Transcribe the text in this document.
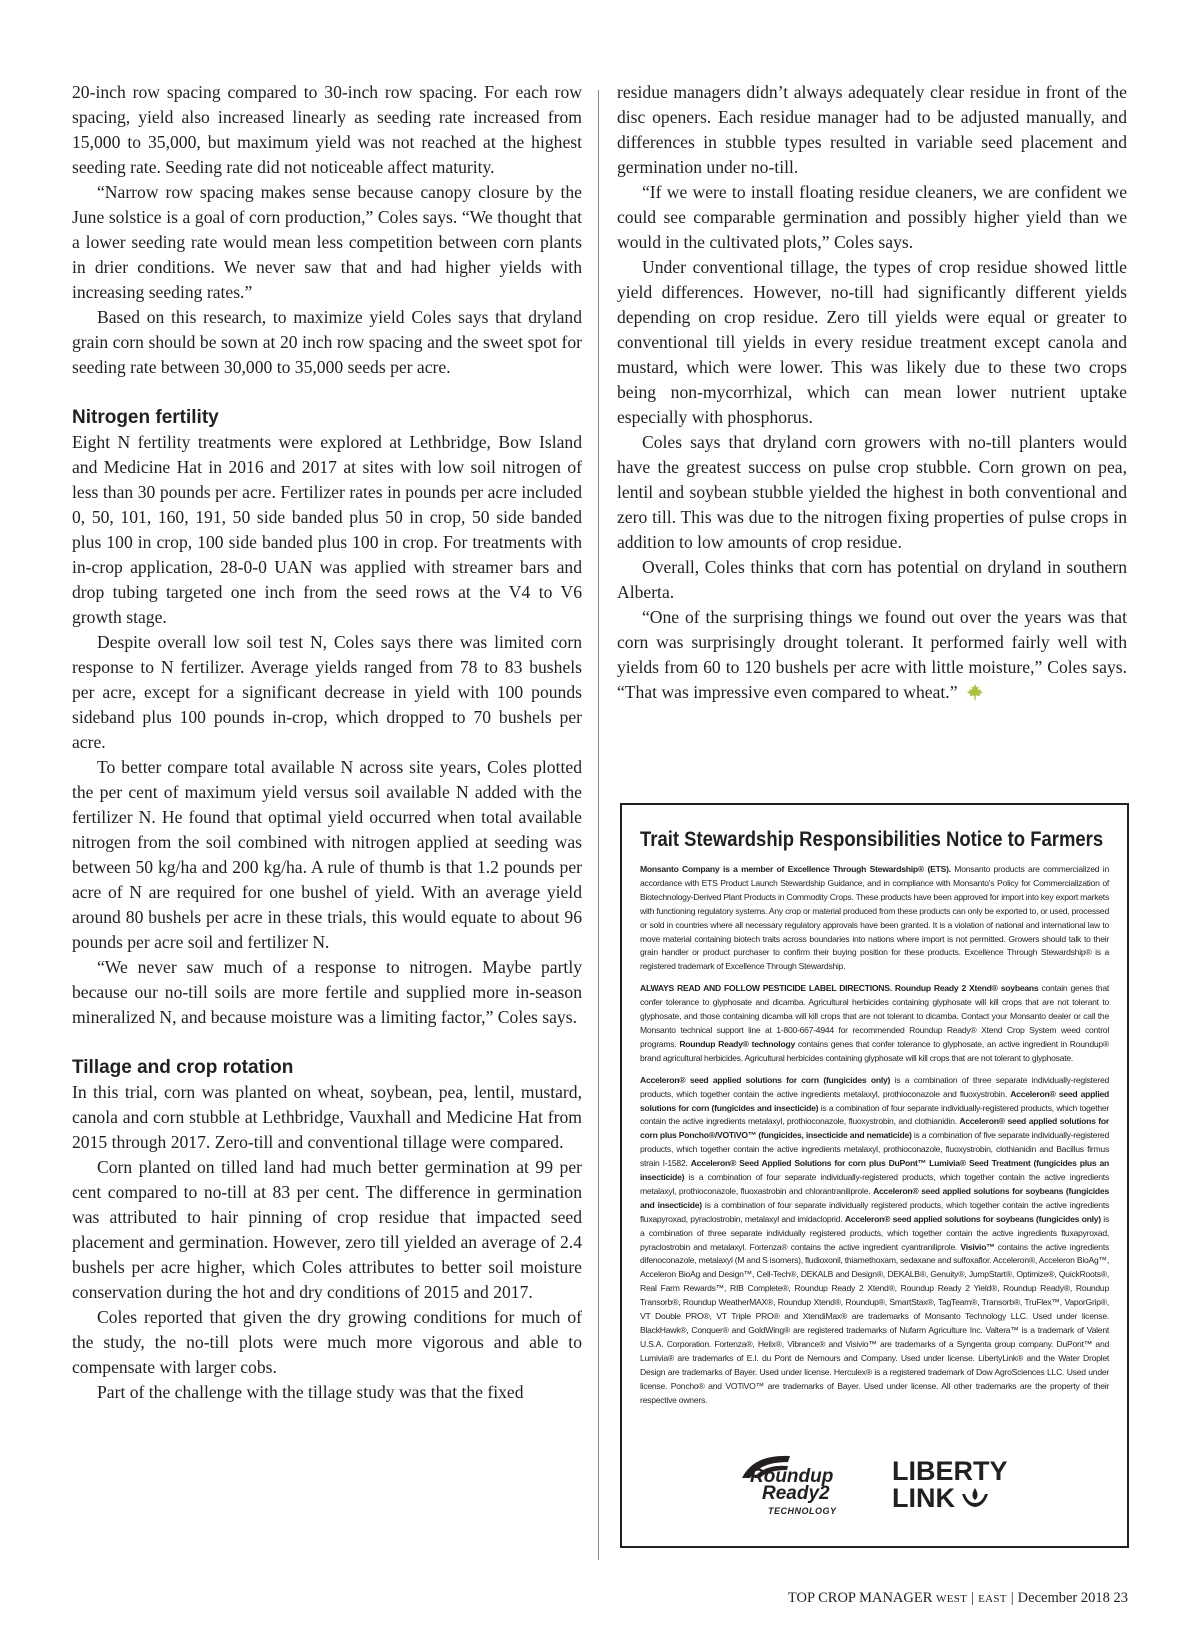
20-inch row spacing compared to 30-inch row spacing. For each row spacing, yield also increased linearly as seeding rate increased from 15,000 to 35,000, but maximum yield was not reached at the highest seeding rate. Seeding rate did not noticeable affect maturity.

“Narrow row spacing makes sense because canopy closure by the June solstice is a goal of corn production,” Coles says. “We thought that a lower seeding rate would mean less competition between corn plants in drier conditions. We never saw that and had higher yields with increasing seeding rates.”

Based on this research, to maximize yield Coles says that dryland grain corn should be sown at 20 inch row spacing and the sweet spot for seeding rate between 30,000 to 35,000 seeds per acre.

Nitrogen fertility

Eight N fertility treatments were explored at Lethbridge, Bow Island and Medicine Hat in 2016 and 2017 at sites with low soil nitrogen of less than 30 pounds per acre. Fertilizer rates in pounds per acre included 0, 50, 101, 160, 191, 50 side banded plus 50 in crop, 50 side banded plus 100 in crop, 100 side banded plus 100 in crop. For treatments with in-crop application, 28-0-0 UAN was applied with streamer bars and drop tubing targeted one inch from the seed rows at the V4 to V6 growth stage.

Despite overall low soil test N, Coles says there was limited corn response to N fertilizer. Average yields ranged from 78 to 83 bushels per acre, except for a significant decrease in yield with 100 pounds sideband plus 100 pounds in-crop, which dropped to 70 bushels per acre.

To better compare total available N across site years, Coles plotted the per cent of maximum yield versus soil available N added with the fertilizer N. He found that optimal yield occurred when total available nitrogen from the soil combined with nitrogen applied at seeding was between 50 kg/ha and 200 kg/ha. A rule of thumb is that 1.2 pounds per acre of N are required for one bushel of yield. With an average yield around 80 bushels per acre in these trials, this would equate to about 96 pounds per acre soil and fertilizer N.

“We never saw much of a response to nitrogen. Maybe partly because our no-till soils are more fertile and supplied more in-season mineralized N, and because moisture was a limiting factor,” Coles says.

Tillage and crop rotation

In this trial, corn was planted on wheat, soybean, pea, lentil, mustard, canola and corn stubble at Lethbridge, Vauxhall and Medicine Hat from 2015 through 2017. Zero-till and conventional tillage were compared.

Corn planted on tilled land had much better germination at 99 per cent compared to no-till at 83 per cent. The difference in germination was attributed to hair pinning of crop residue that impacted seed placement and germination. However, zero till yielded an average of 2.4 bushels per acre higher, which Coles attributes to better soil moisture conservation during the hot and dry conditions of 2015 and 2017.

Coles reported that given the dry growing conditions for much of the study, the no-till plots were much more vigorous and able to compensate with larger cobs.

Part of the challenge with the tillage study was that the fixed

residue managers didn’t always adequately clear residue in front of the disc openers. Each residue manager had to be adjusted manually, and differences in stubble types resulted in variable seed placement and germination under no-till.

“If we were to install floating residue cleaners, we are confident we could see comparable germination and possibly higher yield than we would in the cultivated plots,” Coles says.

Under conventional tillage, the types of crop residue showed little yield differences. However, no-till had significantly different yields depending on crop residue. Zero till yields were equal or greater to conventional till yields in every residue treatment except canola and mustard, which were lower. This was likely due to these two crops being non-mycorrhizal, which can mean lower nutrient uptake especially with phosphorus.

Coles says that dryland corn growers with no-till planters would have the greatest success on pulse crop stubble. Corn grown on pea, lentil and soybean stubble yielded the highest in both conventional and zero till. This was due to the nitrogen fixing properties of pulse crops in addition to low amounts of crop residue.

Overall, Coles thinks that corn has potential on dryland in southern Alberta.

“One of the surprising things we found out over the years was that corn was surprisingly drought tolerant. It performed fairly well with yields from 60 to 120 bushels per acre with little moisture,” Coles says. “That was impressive even compared to wheat.”

Trait Stewardship Responsibilities Notice to Farmers

Monsanto Company is a member of Excellence Through Stewardship® (ETS). Monsanto products are commercialized in accordance with ETS Product Launch Stewardship Guidance, and in compliance with Monsanto’s Policy for Commercialization of Biotechnology-Derived Plant Products in Commodity Crops. These products have been approved for import into key export markets with functioning regulatory systems. Any crop or material produced from these products can only be exported to, or used, processed or sold in countries where all necessary regulatory approvals have been granted. It is a violation of national and international law to move material containing biotech traits across boundaries into nations where import is not permitted. Growers should talk to their grain handler or product purchaser to confirm their buying position for these products. Excellence Through Stewardship® is a registered trademark of Excellence Through Stewardship.

ALWAYS READ AND FOLLOW PESTICIDE LABEL DIRECTIONS. Roundup Ready 2 Xtend® soybeans contain genes that confer tolerance to glyphosate and dicamba. Agricultural herbicides containing glyphosate will kill crops that are not tolerant to glyphosate, and those containing dicamba will kill crops that are not tolerant to dicamba. Contact your Monsanto dealer or call the Monsanto technical support line at 1-800-667-4944 for recommended Roundup Ready® Xtend Crop System weed control programs. Roundup Ready® technology contains genes that confer tolerance to glyphosate, an active ingredient in Roundup® brand agricultural herbicides. Agricultural herbicides containing glyphosate will kill crops that are not tolerant to glyphosate.

Acceleron® seed applied solutions for corn (fungicides only) is a combination of three separate individually-registered products, which together contain the active ingredients metalaxyl, prothioconazole and fluoxystrobin. Acceleron® seed applied solutions for corn (fungicides and insecticide) is a combination of four separate individually-registered products, which together contain the active ingredients metalaxyl, prothioconazole, fluoxystrobin, and clothianidin. Acceleron® seed applied solutions for corn plus Poncho®/VOTiVO™ (fungicides, insecticide and nematicide) is a combination of five separate individually-registered products, which together contain the active ingredients metalaxyl, prothioconazole, fluoxystrobin, clothianidin and Bacillus firmus strain I-1582. Acceleron® Seed Applied Solutions for corn plus DuPont™ Lumivia® Seed Treatment (fungicides plus an insecticide) is a combination of four separate individually-registered products, which together contain the active ingredients metalaxyl, prothioconazole, fluoxastrobin and chlorantraniliprole. Acceleron® seed applied solutions for soybeans (fungicides and insecticide) is a combination of four separate individually registered products, which together contain the active ingredients fluxapyroxad, pyraclostrobin, metalaxyl and imidacloprid. Acceleron® seed applied solutions for soybeans (fungicides only) is a combination of three separate individually registered products, which together contain the active ingredients fluxapyroxad, pyraclostrobin and metalaxyl. Fortenza® contains the active ingredient cyantraniliprole. Visivio™ contains the active ingredients difenoconazole, metalaxyl (M and S isomers), fludioxonil, thiamethoxam, sedaxane and sulfoxaflor. Acceleron®, Acceleron BioAg™, Acceleron BioAg and Design™, Cell-Tech®, DEKALB and Design®, DEKALB®, Genuity®, JumpStart®, Optimize®, QuickRoots®, Real Farm Rewards™, RIB Complete®, Roundup Ready 2 Xtend®, Roundup Ready 2 Yield®, Roundup Ready®, Roundup Transorb®, Roundup WeatherMAX®, Roundup Xtend®, Roundup®, SmartStax®, TagTeam®, Transorb®, TruFlex™, VaporGrip®, VT Double PRO®, VT Triple PRO® and XtendiMax® are trademarks of Monsanto Technology LLC. Used under license. BlackHawk®, Conquer® and GoldWing® are registered trademarks of Nufarm Agriculture Inc. Valtera™ is a trademark of Valent U.S.A. Corporation. Fortenza®, Helix®, Vibrance® and Visivio™ are trademarks of a Syngenta group company. DuPont™ and Lumivia® are trademarks of E.I. du Pont de Nemours and Company. Used under license. LibertyLink® and the Water Droplet Design are trademarks of Bayer. Used under license. Herculex® is a registered trademark of Dow AgroSciences LLC. Used under license. Poncho® and VOTiVO™ are trademarks of Bayer. Used under license. All other trademarks are the property of their respective owners.

Roundup
Ready2
TECHNOLOGY
LIBERTY
LINK
TOP CROP MANAGER WEST | EAST | December 2018 23
